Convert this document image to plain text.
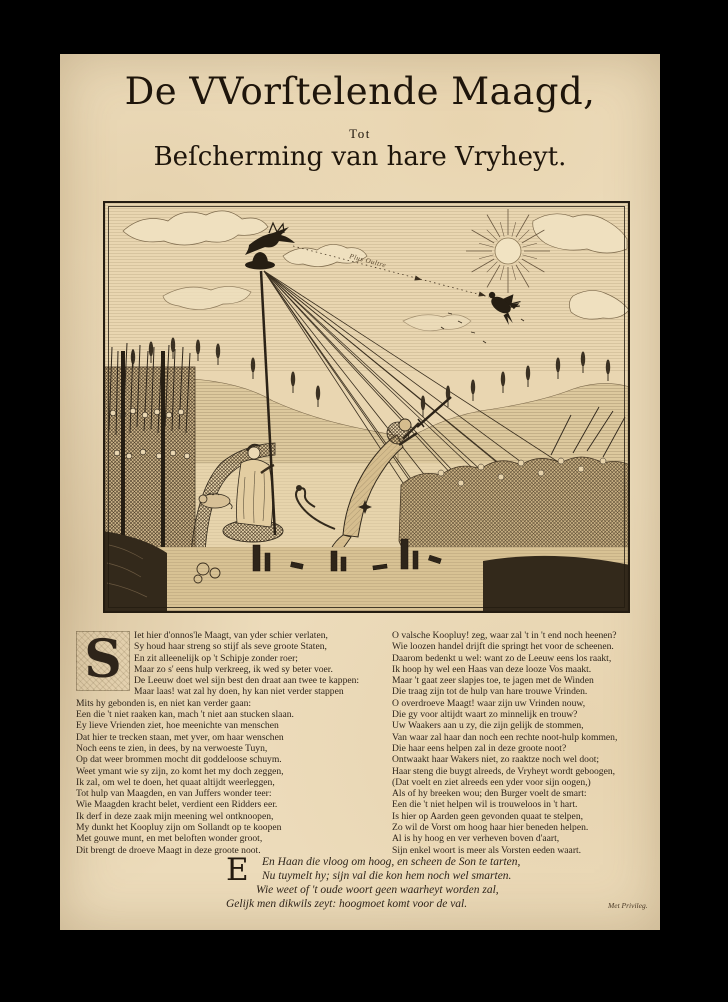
De VVorſtelende Maagd,
Tot
Beſcherming van hare Vryheyt.
Plus Oultre
S	Iet hier d'onnos'le Maagt, van yder schier verlaten,
Sy houd haar streng so stijf als seve groote Staten,
En zit alleenelijk op 't Schipje zonder roer;
Maar zo s' eens hulp verkreeg, ik wed sy beter voer.
De Leeuw doet wel sijn best den draat aan twee te kappen:
Maar laas! wat zal hy doen, hy kan niet verder stappen
Mits hy gebonden is, en niet kan verder gaan:
Een die 't niet raaken kan, mach 't niet aan stucken slaan.
Ey lieve Vrienden ziet, hoe meenichte van menschen
Dat hier te trecken staan, met yver, om haar wenschen
Noch eens te zien, in dees, by na verwoeste Tuyn,
Op dat weer brommen mocht dit goddeloose schuym.
Weet ymant wie sy zijn, zo komt het my doch zeggen,
Ik zal, om wel te doen, het quaat altijdt weerleggen,
Tot hulp van Maagden, en van Juffers wonder teer:
Wie Maagden kracht belet, verdient een Ridders eer.
Ik derf in deze zaak mijn meening wel ontknoopen,
My dunkt het Koopluy zijn om Sollandt op te koopen
Met gouwe munt, en met beloften wonder groot,
Dit brengt de droeve Maagt in deze groote noot.
O valsche Koopluy! zeg, waar zal 't in 't end noch heenen?
Wie loozen handel drijft die springt het voor de scheenen.
Daarom bedenkt u wel: want zo de Leeuw eens los raakt,
Ik hoop hy wel een Haas van deze looze Vos maakt.
Maar 't gaat zeer slapjes toe, te jagen met de Winden
Die traag zijn tot de hulp van hare trouwe Vrinden.
O overdroeve Maagt! waar zijn uw Vrinden nouw,
Die gy voor altijdt waart zo minnelijk en trouw?
Uw Waakers aan u zy, die zijn gelijk de stommen,
Van waar zal haar dan noch een rechte noot-hulp kommen,
Die haar eens helpen zal in deze groote noot?
Ontwaakt haar Wakers niet, zo raaktze noch wel doot;
Haar steng die buygt alreeds, de Vryheyt wordt geboogen,
(Dat voelt en ziet alreeds een yder voor sijn oogen,)
Als of hy breeken wou; den Burger voelt de smart:
Een die 't niet helpen wil is trouweloos in 't hart.
Is hier op Aarden geen gevonden quaat te stelpen,
Zo wil de Vorst om hoog haar hier beneden helpen.
Al is hy hoog en ver verheven boven d'aart,
Sijn enkel woort is meer als Vorsten eeden waart.
E En Haan die vloog om hoog, en scheen de Son te tarten,
Nu tuymelt hy; sijn val die kon hem noch wel smarten.
Wie weet of 't oude woort geen waarheyt worden zal,
Gelijk men dikwils zeyt: hoogmoet komt voor de val.	Met Privileg.
